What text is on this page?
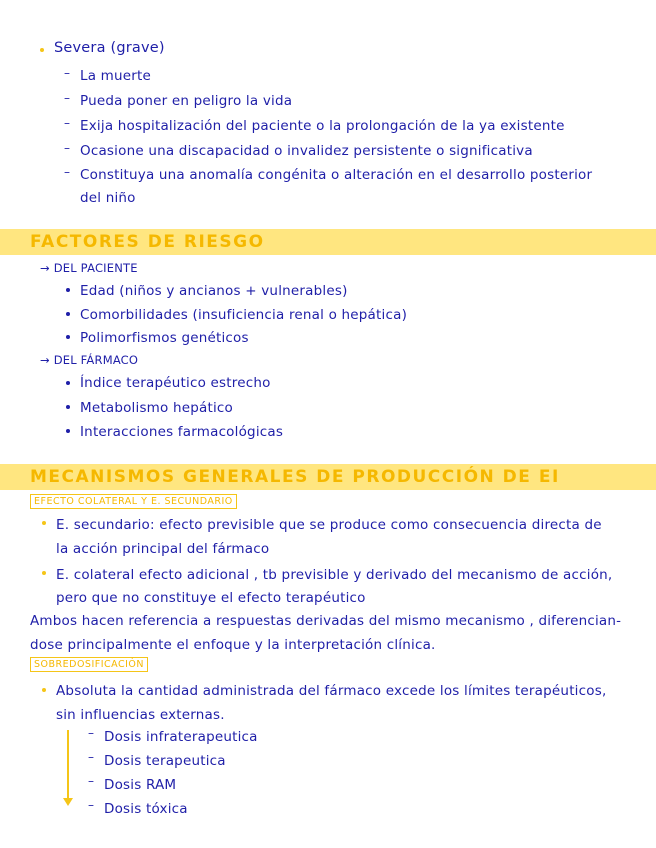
Severa (grave)
– La muerte
– Pueda poner en peligro la vida
– Exija hospitalización del paciente o la prolongación de la ya existente
– Ocasione una discapacidad o invalidez persistente o significativa
– Constituya una anomalía congénita o alteración en el desarrollo posterior
del niño
FACTORES DE RIESGO
→ DEL PACIENTE
Edad (niños y ancianos + vulnerables)
Comorbilidades (insuficiencia renal o hepática)
Polimorfismos genéticos
→ DEL FÁRMACO
Índice terapéutico estrecho
Metabolismo hepático
Interacciones farmacológicas
MECANISMOS GENERALES DE PRODUCCIÓN DE EI
EFECTO COLATERAL Y E. SECUNDARIO
E. secundario: efecto previsible que se produce como consecuencia directa de
la acción principal del fármaco
E. colateral efecto adicional , tb previsible y derivado del mecanismo de acción,
pero que no constituye el efecto terapéutico
Ambos hacen referencia a respuestas derivadas del mismo mecanismo , diferencian-
dose principalmente el enfoque y la interpretación clínica.
SOBREDOSIFICACIÓN
Absoluta la cantidad administrada del fármaco excede los límites terapéuticos,
sin influencias externas.
– Dosis infraterapeutica
– Dosis terapeutica
– Dosis RAM
– Dosis tóxica
